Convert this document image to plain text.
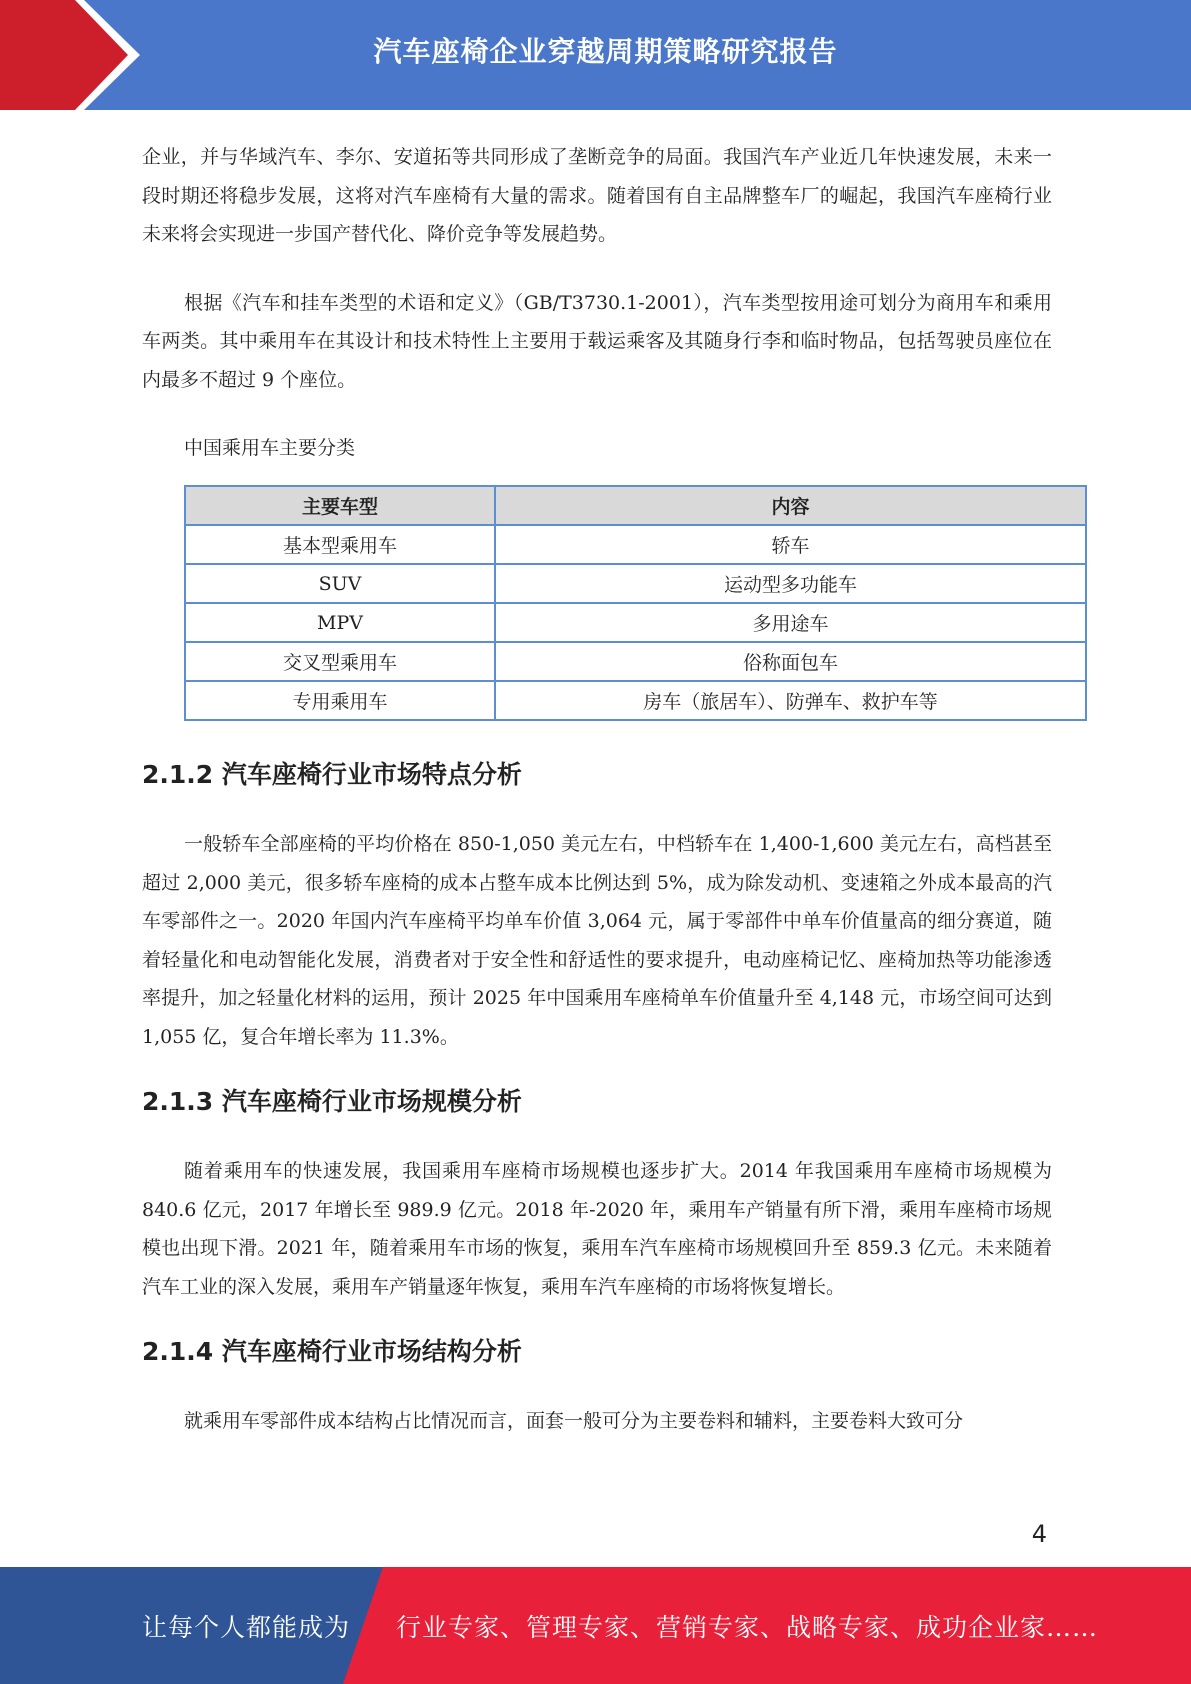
汽车座椅企业穿越周期策略研究报告

企业，并与华域汽车、李尔、安道拓等共同形成了垄断竞争的局面。我国汽车产业近几年快速发展，未来一段时期还将稳步发展，这将对汽车座椅有大量的需求。随着国有自主品牌整车厂的崛起，我国汽车座椅行业未来将会实现进一步国产替代化、降价竞争等发展趋势。

根据《汽车和挂车类型的术语和定义》（GB/T3730.1-2001），汽车类型按用途可划分为商用车和乘用车两类。其中乘用车在其设计和技术特性上主要用于载运乘客及其随身行李和临时物品，包括驾驶员座位在内最多不超过 9 个座位。

中国乘用车主要分类

主要车型	内容
基本型乘用车	轿车
SUV	运动型多功能车
MPV	多用途车
交叉型乘用车	俗称面包车
专用乘用车	房车（旅居车）、防弹车、救护车等
2.1.2 汽车座椅行业市场特点分析

一般轿车全部座椅的平均价格在 850-1,050 美元左右，中档轿车在 1,400-1,600 美元左右，高档甚至超过 2,000 美元，很多轿车座椅的成本占整车成本比例达到 5%，成为除发动机、变速箱之外成本最高的汽车零部件之一。2020 年国内汽车座椅平均单车价值 3,064 元，属于零部件中单车价值量高的细分赛道，随着轻量化和电动智能化发展，消费者对于安全性和舒适性的要求提升，电动座椅记忆、座椅加热等功能渗透率提升，加之轻量化材料的运用，预计 2025 年中国乘用车座椅单车价值量升至 4,148 元，市场空间可达到 1,055 亿，复合年增长率为 11.3%。

2.1.3 汽车座椅行业市场规模分析

随着乘用车的快速发展，我国乘用车座椅市场规模也逐步扩大。2014 年我国乘用车座椅市场规模为 840.6 亿元，2017 年增长至 989.9 亿元。2018 年-2020 年，乘用车产销量有所下滑，乘用车座椅市场规模也出现下滑。2021 年，随着乘用车市场的恢复，乘用车汽车座椅市场规模回升至 859.3 亿元。未来随着汽车工业的深入发展，乘用车产销量逐年恢复，乘用车汽车座椅的市场将恢复增长。

2.1.4 汽车座椅行业市场结构分析

就乘用车零部件成本结构占比情况而言，面套一般可分为主要卷料和辅料，主要卷料大致可分

4
让每个人都能成为 行业专家、管理专家、营销专家、战略专家、成功企业家……
